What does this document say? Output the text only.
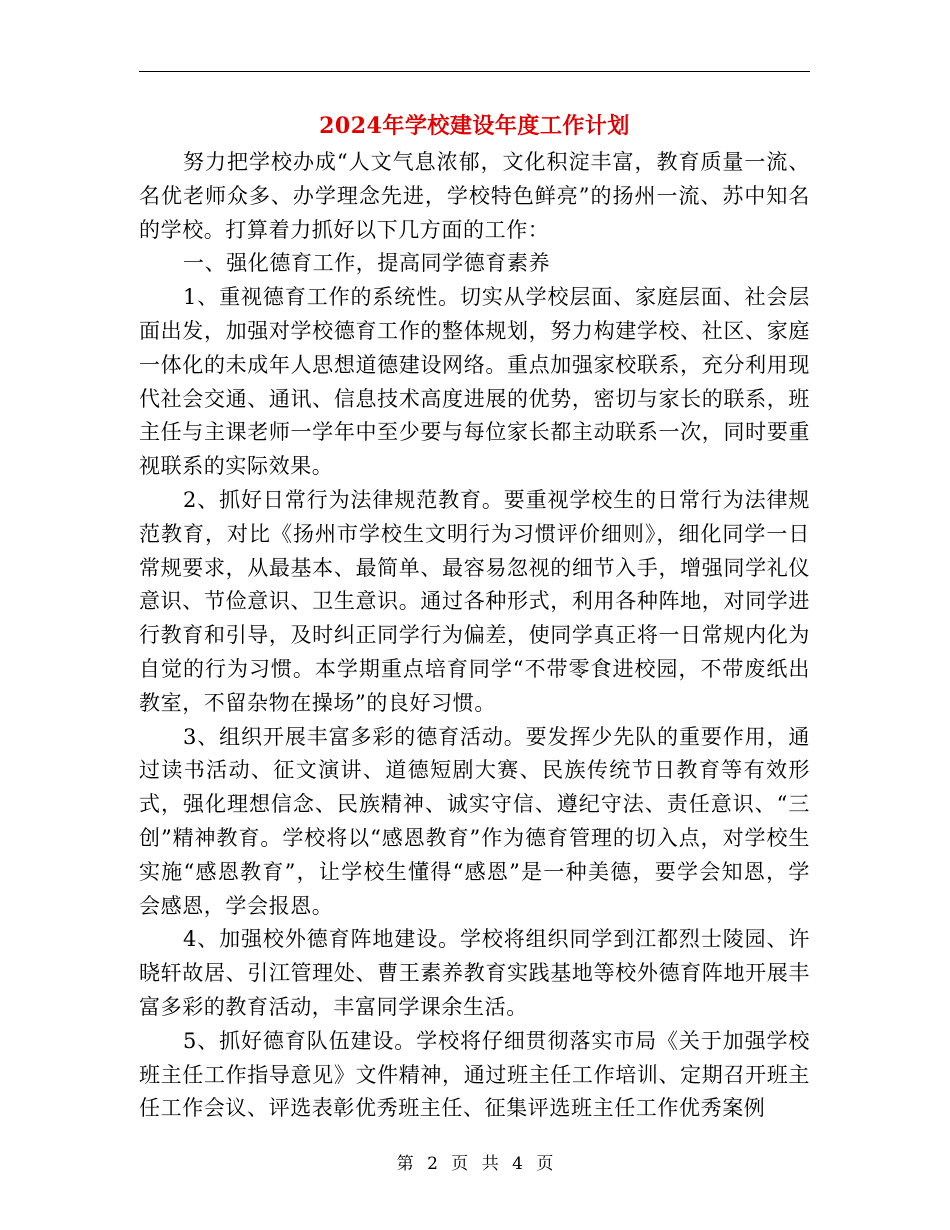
2024年学校建设年度工作计划

努力把学校办成“人文气息浓郁，文化积淀丰富，教育质量一流、名优老师众多、办学理念先进，学校特色鲜亮”的扬州一流、苏中知名的学校。打算着力抓好以下几方面的工作：

一、强化德育工作，提高同学德育素养

1、重视德育工作的系统性。切实从学校层面、家庭层面、社会层面出发，加强对学校德育工作的整体规划，努力构建学校、社区、家庭一体化的未成年人思想道德建设网络。重点加强家校联系，充分利用现代社会交通、通讯、信息技术高度进展的优势，密切与家长的联系，班主任与主课老师一学年中至少要与每位家长都主动联系一次，同时要重视联系的实际效果。

2、抓好日常行为法律规范教育。要重视学校生的日常行为法律规范教育，对比《扬州市学校生文明行为习惯评价细则》，细化同学一日常规要求，从最基本、最简单、最容易忽视的细节入手，增强同学礼仪意识、节俭意识、卫生意识。通过各种形式，利用各种阵地，对同学进行教育和引导，及时纠正同学行为偏差，使同学真正将一日常规内化为自觉的行为习惯。本学期重点培育同学“不带零食进校园，不带废纸出教室，不留杂物在操场”的良好习惯。

3、组织开展丰富多彩的德育活动。要发挥少先队的重要作用，通过读书活动、征文演讲、道德短剧大赛、民族传统节日教育等有效形式，强化理想信念、民族精神、诚实守信、遵纪守法、责任意识、“三创”精神教育。学校将以“感恩教育”作为德育管理的切入点，对学校生实施“感恩教育”，让学校生懂得“感恩”是一种美德，要学会知恩，学会感恩，学会报恩。

4、加强校外德育阵地建设。学校将组织同学到江都烈士陵园、许晓轩故居、引江管理处、曹王素养教育实践基地等校外德育阵地开展丰富多彩的教育活动，丰富同学课余生活。

5、抓好德育队伍建设。学校将仔细贯彻落实市局《关于加强学校班主任工作指导意见》文件精神，通过班主任工作培训、定期召开班主任工作会议、评选表彰优秀班主任、征集评选班主任工作优秀案例

第 2 页 共 4 页
